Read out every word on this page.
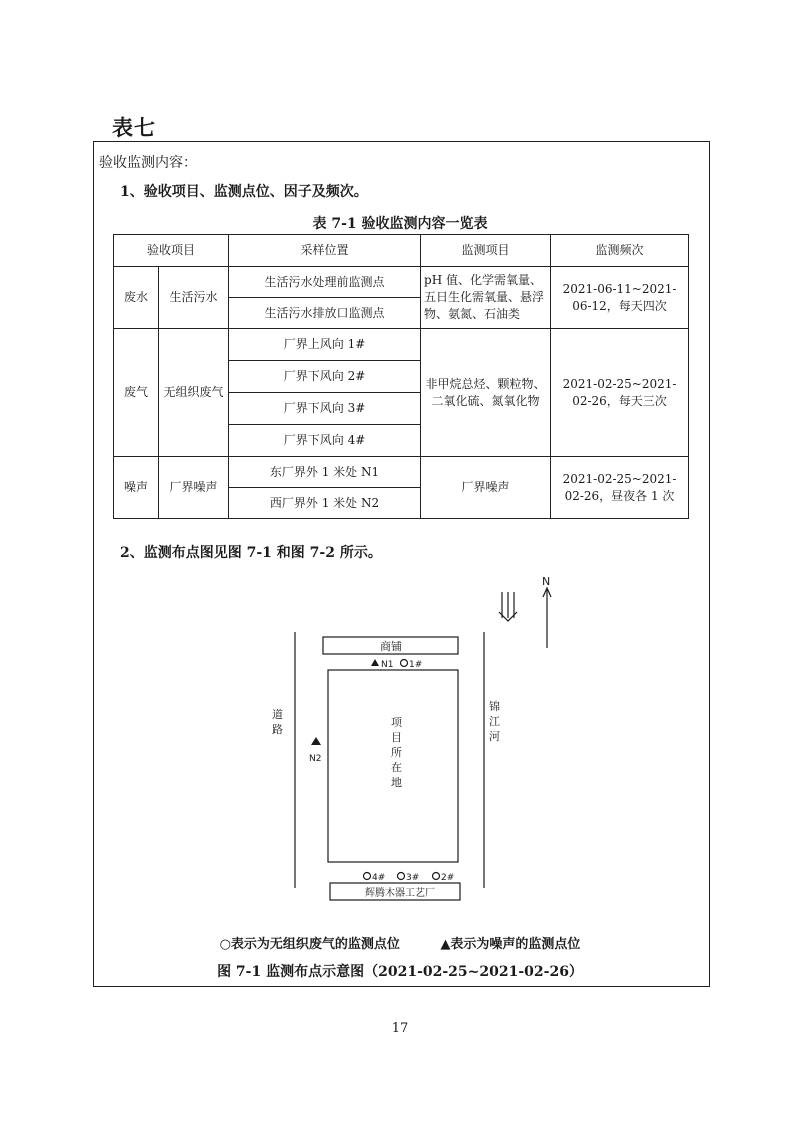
表七
验收监测内容：
1、验收项目、监测点位、因子及频次。
表 7-1 验收监测内容一览表
验收项目		采样位置	监测项目	监测频次
废水	生活污水	生活污水处理前监测点	pH 值、化学需氧量、五日生化需氧量、悬浮物、氨氮、石油类	2021-06-11~2021-06-12，每天四次
		生活污水排放口监测点		
废气	无组织废气	厂界上风向 1#	非甲烷总烃、颗粒物、二氧化硫、氮氧化物	2021-02-25~2021-02-26，每天三次
		厂界下风向 2#		
		厂界下风向 3#		
		厂界下风向 4#		
噪声	厂界噪声	东厂界外 1 米处 N1	厂界噪声	2021-02-25~2021-02-26，昼夜各 1 次
		西厂界外 1 米处 N2		
2、监测布点图见图 7-1 和图 7-2 所示。
N
商铺
N1 1#
N2
4# 3# 2#
辉腾木器工艺厂
道路
锦江河
项目所在地
○表示为无组织废气的监测点位	▲表示为噪声的监测点位
图 7-1 监测布点示意图（2021-02-25~2021-02-26）
17
